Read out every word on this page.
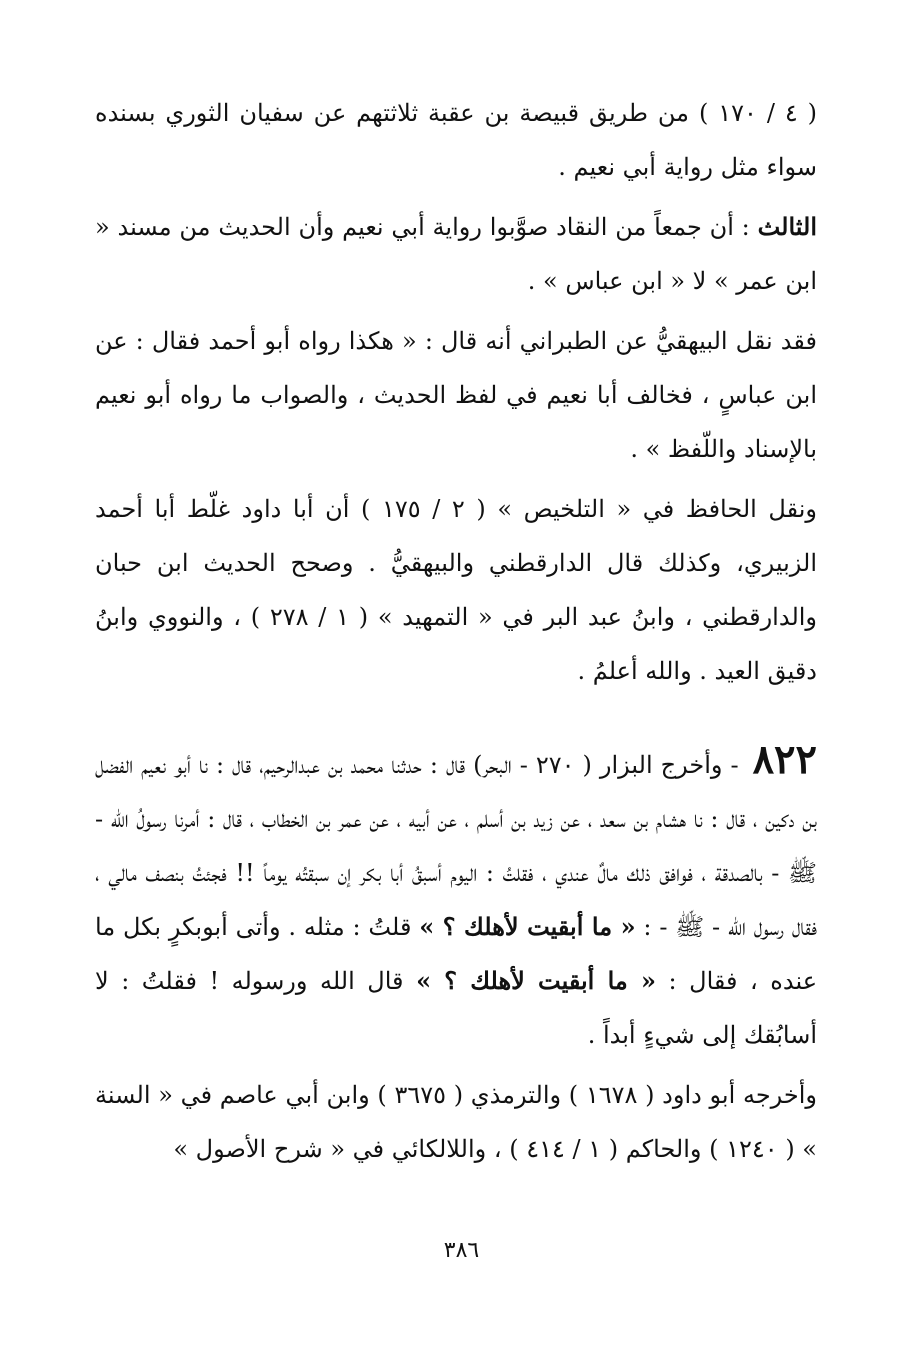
( ٤ / ١٧٠ ) من طريق قبيصة بن عقبة ثلاثتهم عن سفيان الثوري بسنده سواء مثل رواية أبي نعيم .

الثالث : أن جمعاً من النقاد صوَّبوا رواية أبي نعيم وأن الحديث من مسند « ابن عمر » لا « ابن عباس » .

فقد نقل البيهقيُّ عن الطبراني أنه قال : « هكذا رواه أبو أحمد فقال : عن ابن عباسٍ ، فخالف أبا نعيم في لفظ الحديث ، والصواب ما رواه أبو نعيم بالإسناد واللّفظ » .

ونقل الحافظ في « التلخيص » ( ٢ / ١٧٥ ) أن أبا داود غلّط أبا أحمد الزبيري، وكذلك قال الدارقطني والبيهقيُّ . وصحح الحديث ابن حبان والدارقطني ، وابنُ عبد البر في « التمهيد » ( ١ / ٢٧٨ ) ، والنووي وابنُ دقيق العيد . والله أعلمُ .

٨٢٢ - وأخرج البزار ( ٢٧٠ - البحر) قال : حدثنا محمد بن عبدالرحيم، قال : نا أبو نعيم الفضل بن دكين ، قال : نا هشام بن سعد ، عن زيد بن أسلم ، عن أبيه ، عن عمر بن الخطاب ، قال : أمرنا رسولُ الله - ﷺ - بالصدقة ، فوافق ذلك مالٌ عندي ، فقلتُ : اليوم أسبقُ أبا بكر إن سبقتُه يوماً !! فجئتُ بنصف مالي ، فقال رسول الله - ﷺ - : « ما أبقيت لأهلك ؟ » قلتُ : مثله . وأتى أبوبكرٍ بكل ما عنده ، فقال : « ما أبقيت لأهلك ؟ » قال الله ورسوله ! فقلتُ : لا أسابُقك إلى شيءٍ أبداً .

وأخرجه أبو داود ( ١٦٧٨ ) والترمذي ( ٣٦٧٥ ) وابن أبي عاصم في « السنة » ( ١٢٤٠ ) والحاكم ( ١ / ٤١٤ ) ، واللالكائي في « شرح الأصول »

٣٨٦
